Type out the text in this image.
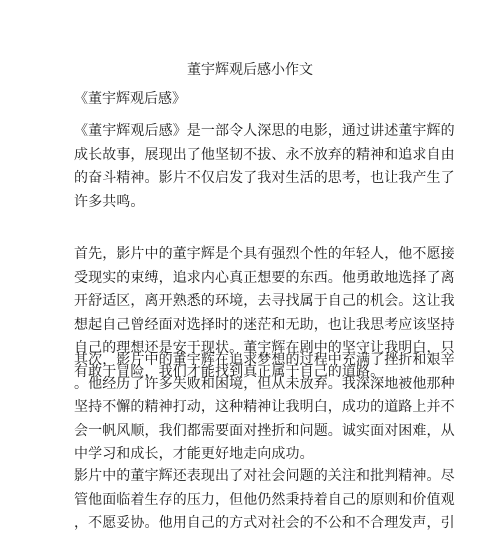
董宇辉观后感小作文
《董宇辉观后感》
《董宇辉观后感》是一部令人深思的电影，通过讲述董宇辉的
成长故事，展现出了他坚韧不拔、永不放弃的精神和追求自由
的奋斗精神。影片不仅启发了我对生活的思考，也让我产生了
许多共鸣。
首先，影片中的董宇辉是个具有强烈个性的年轻人，他不愿接
受现实的束缚，追求内心真正想要的东西。他勇敢地选择了离
开舒适区，离开熟悉的环境，去寻找属于自己的机会。这让我
想起自己曾经面对选择时的迷茫和无助，也让我思考应该坚持
自己的理想还是安于现状。董宇辉在剧中的坚守让我明白，只
有敢于冒险，我们才能找到真正属于自己的道路。
其次，影片中的董宇辉在追求梦想的过程中充满了挫折和艰辛
。他经历了许多失败和困境，但从未放弃。我深深地被他那种
坚持不懈的精神打动，这种精神让我明白，成功的道路上并不
会一帆风顺，我们都需要面对挫折和问题。诚实面对困难，从
中学习和成长，才能更好地走向成功。
影片中的董宇辉还表现出了对社会问题的关注和批判精神。尽
管他面临着生存的压力，但他仍然秉持着自己的原则和价值观
，不愿妥协。他用自己的方式对社会的不公和不合理发声，引
